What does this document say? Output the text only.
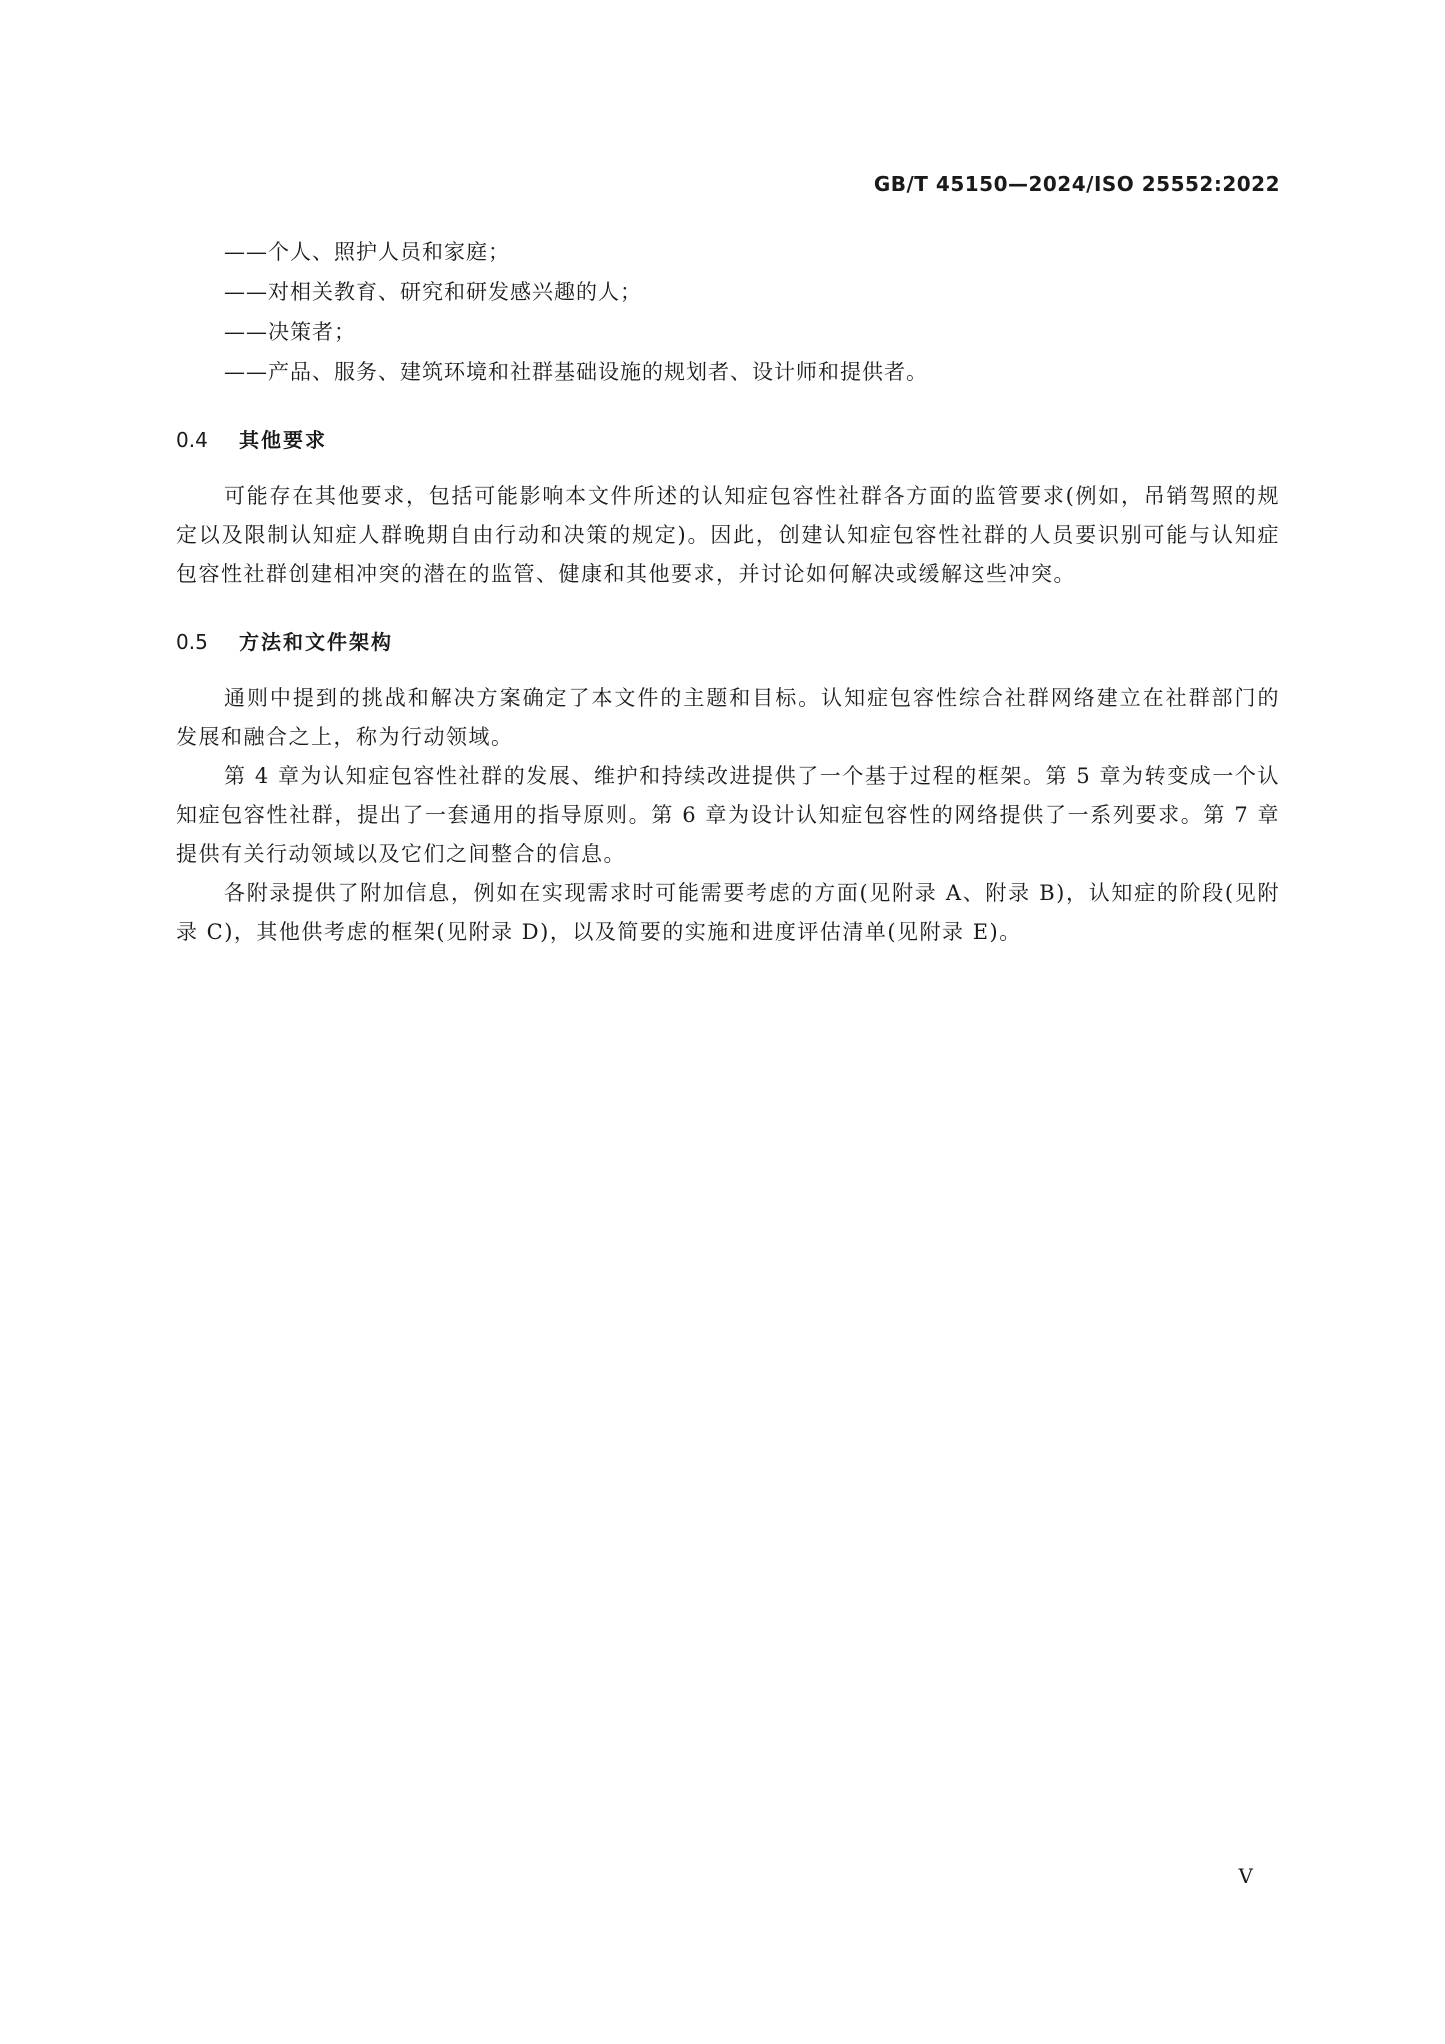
GB/T 45150—2024/ISO 25552:2022
——个人、照护人员和家庭；
——对相关教育、研究和研发感兴趣的人；
——决策者；
——产品、服务、建筑环境和社群基础设施的规划者、设计师和提供者。
0.4 其他要求

可能存在其他要求，包括可能影响本文件所述的认知症包容性社群各方面的监管要求(例如，吊销驾照的规定以及限制认知症人群晚期自由行动和决策的规定)。因此，创建认知症包容性社群的人员要识别可能与认知症包容性社群创建相冲突的潜在的监管、健康和其他要求，并讨论如何解决或缓解这些冲突。

0.5 方法和文件架构

通则中提到的挑战和解决方案确定了本文件的主题和目标。认知症包容性综合社群网络建立在社群部门的发展和融合之上，称为行动领域。

第 4 章为认知症包容性社群的发展、维护和持续改进提供了一个基于过程的框架。第 5 章为转变成一个认知症包容性社群，提出了一套通用的指导原则。第 6 章为设计认知症包容性的网络提供了一系列要求。第 7 章提供有关行动领域以及它们之间整合的信息。

各附录提供了附加信息，例如在实现需求时可能需要考虑的方面(见附录 A、附录 B)，认知症的阶段(见附录 C)，其他供考虑的框架(见附录 D)，以及简要的实施和进度评估清单(见附录 E)。

V
